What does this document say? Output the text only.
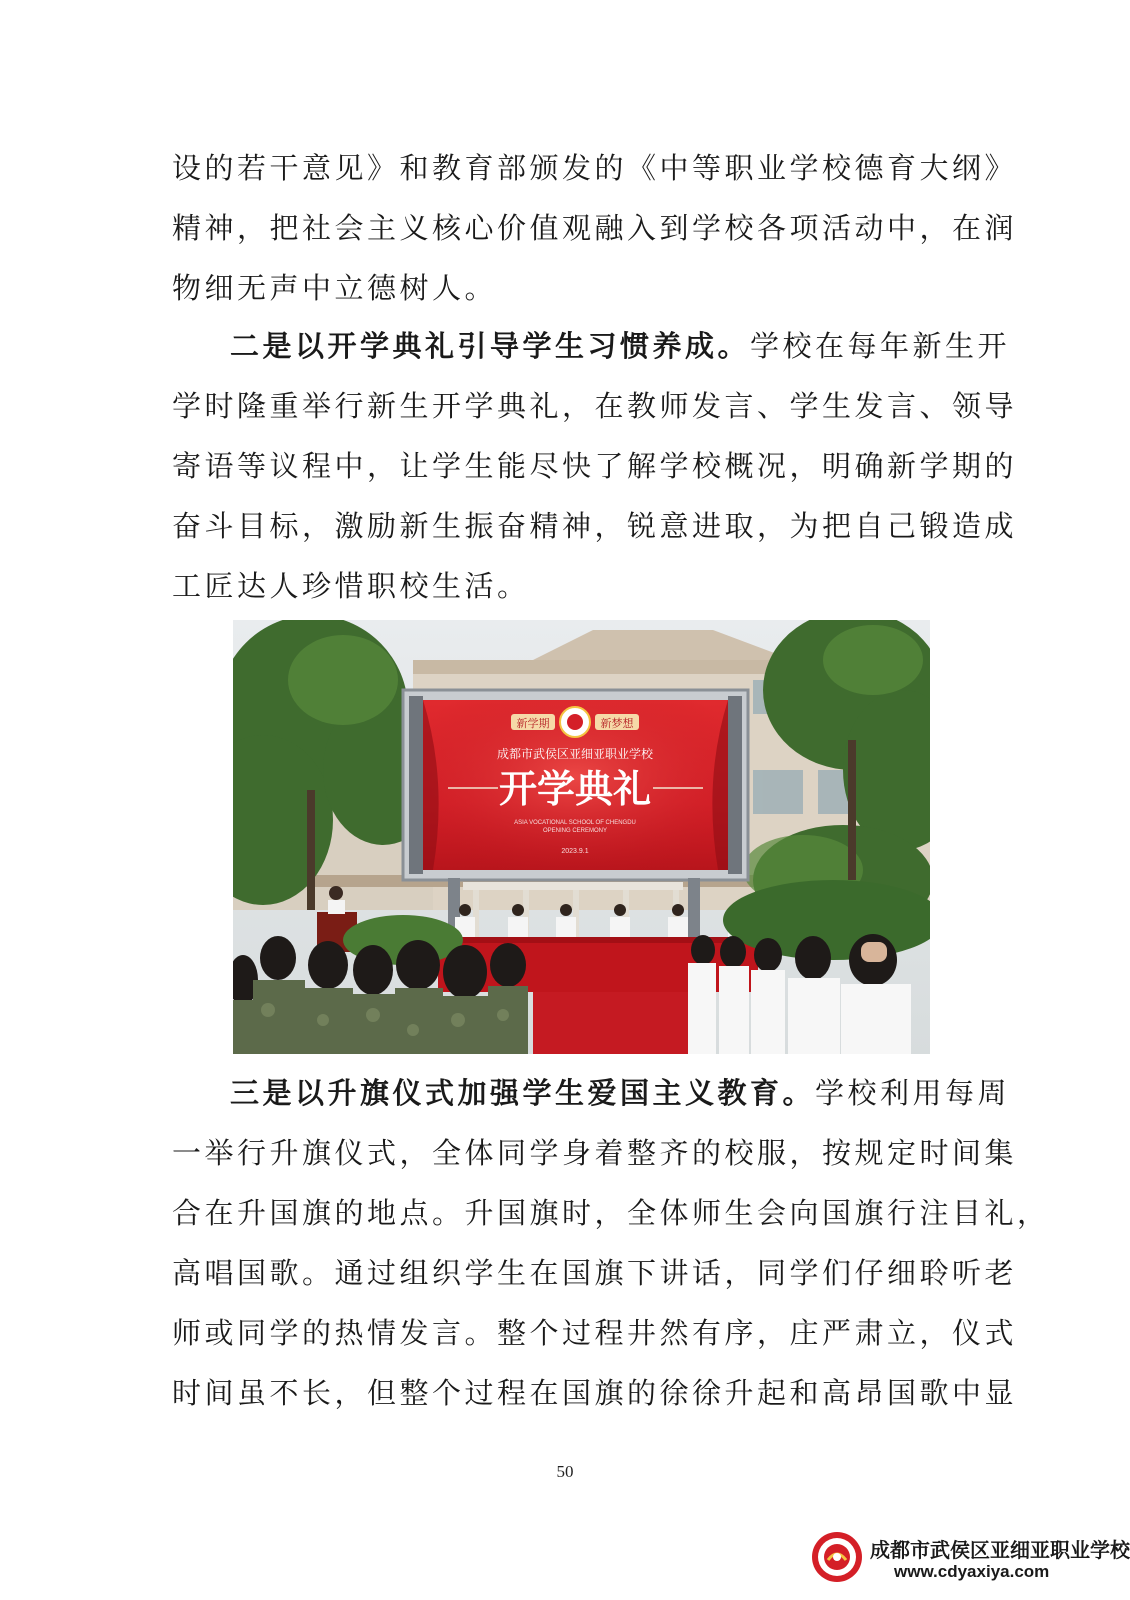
设的若干意见》和教育部颁发的《中等职业学校德育大纲》
精神，把社会主义核心价值观融入到学校各项活动中，在润
物细无声中立德树人。
二是以开学典礼引导学生习惯养成。学校在每年新生开
学时隆重举行新生开学典礼，在教师发言、学生发言、领导
寄语等议程中，让学生能尽快了解学校概况，明确新学期的
奋斗目标，激励新生振奋精神，锐意进取，为把自己锻造成
工匠达人珍惜职校生活。
新学期	新梦想
成都市武侯区亚细亚职业学校
开学典礼
ASIA VOCATIONAL SCHOOL OF CHENGDU
OPENING CEREMONY
2023.9.1
三是以升旗仪式加强学生爱国主义教育。学校利用每周
一举行升旗仪式，全体同学身着整齐的校服，按规定时间集
合在升国旗的地点。升国旗时，全体师生会向国旗行注目礼，
高唱国歌。通过组织学生在国旗下讲话，同学们仔细聆听老
师或同学的热情发言。整个过程井然有序，庄严肃立，仪式
时间虽不长，但整个过程在国旗的徐徐升起和高昂国歌中显
50
成都市武侯区亚细亚职业学校
www.cdyaxiya.com
